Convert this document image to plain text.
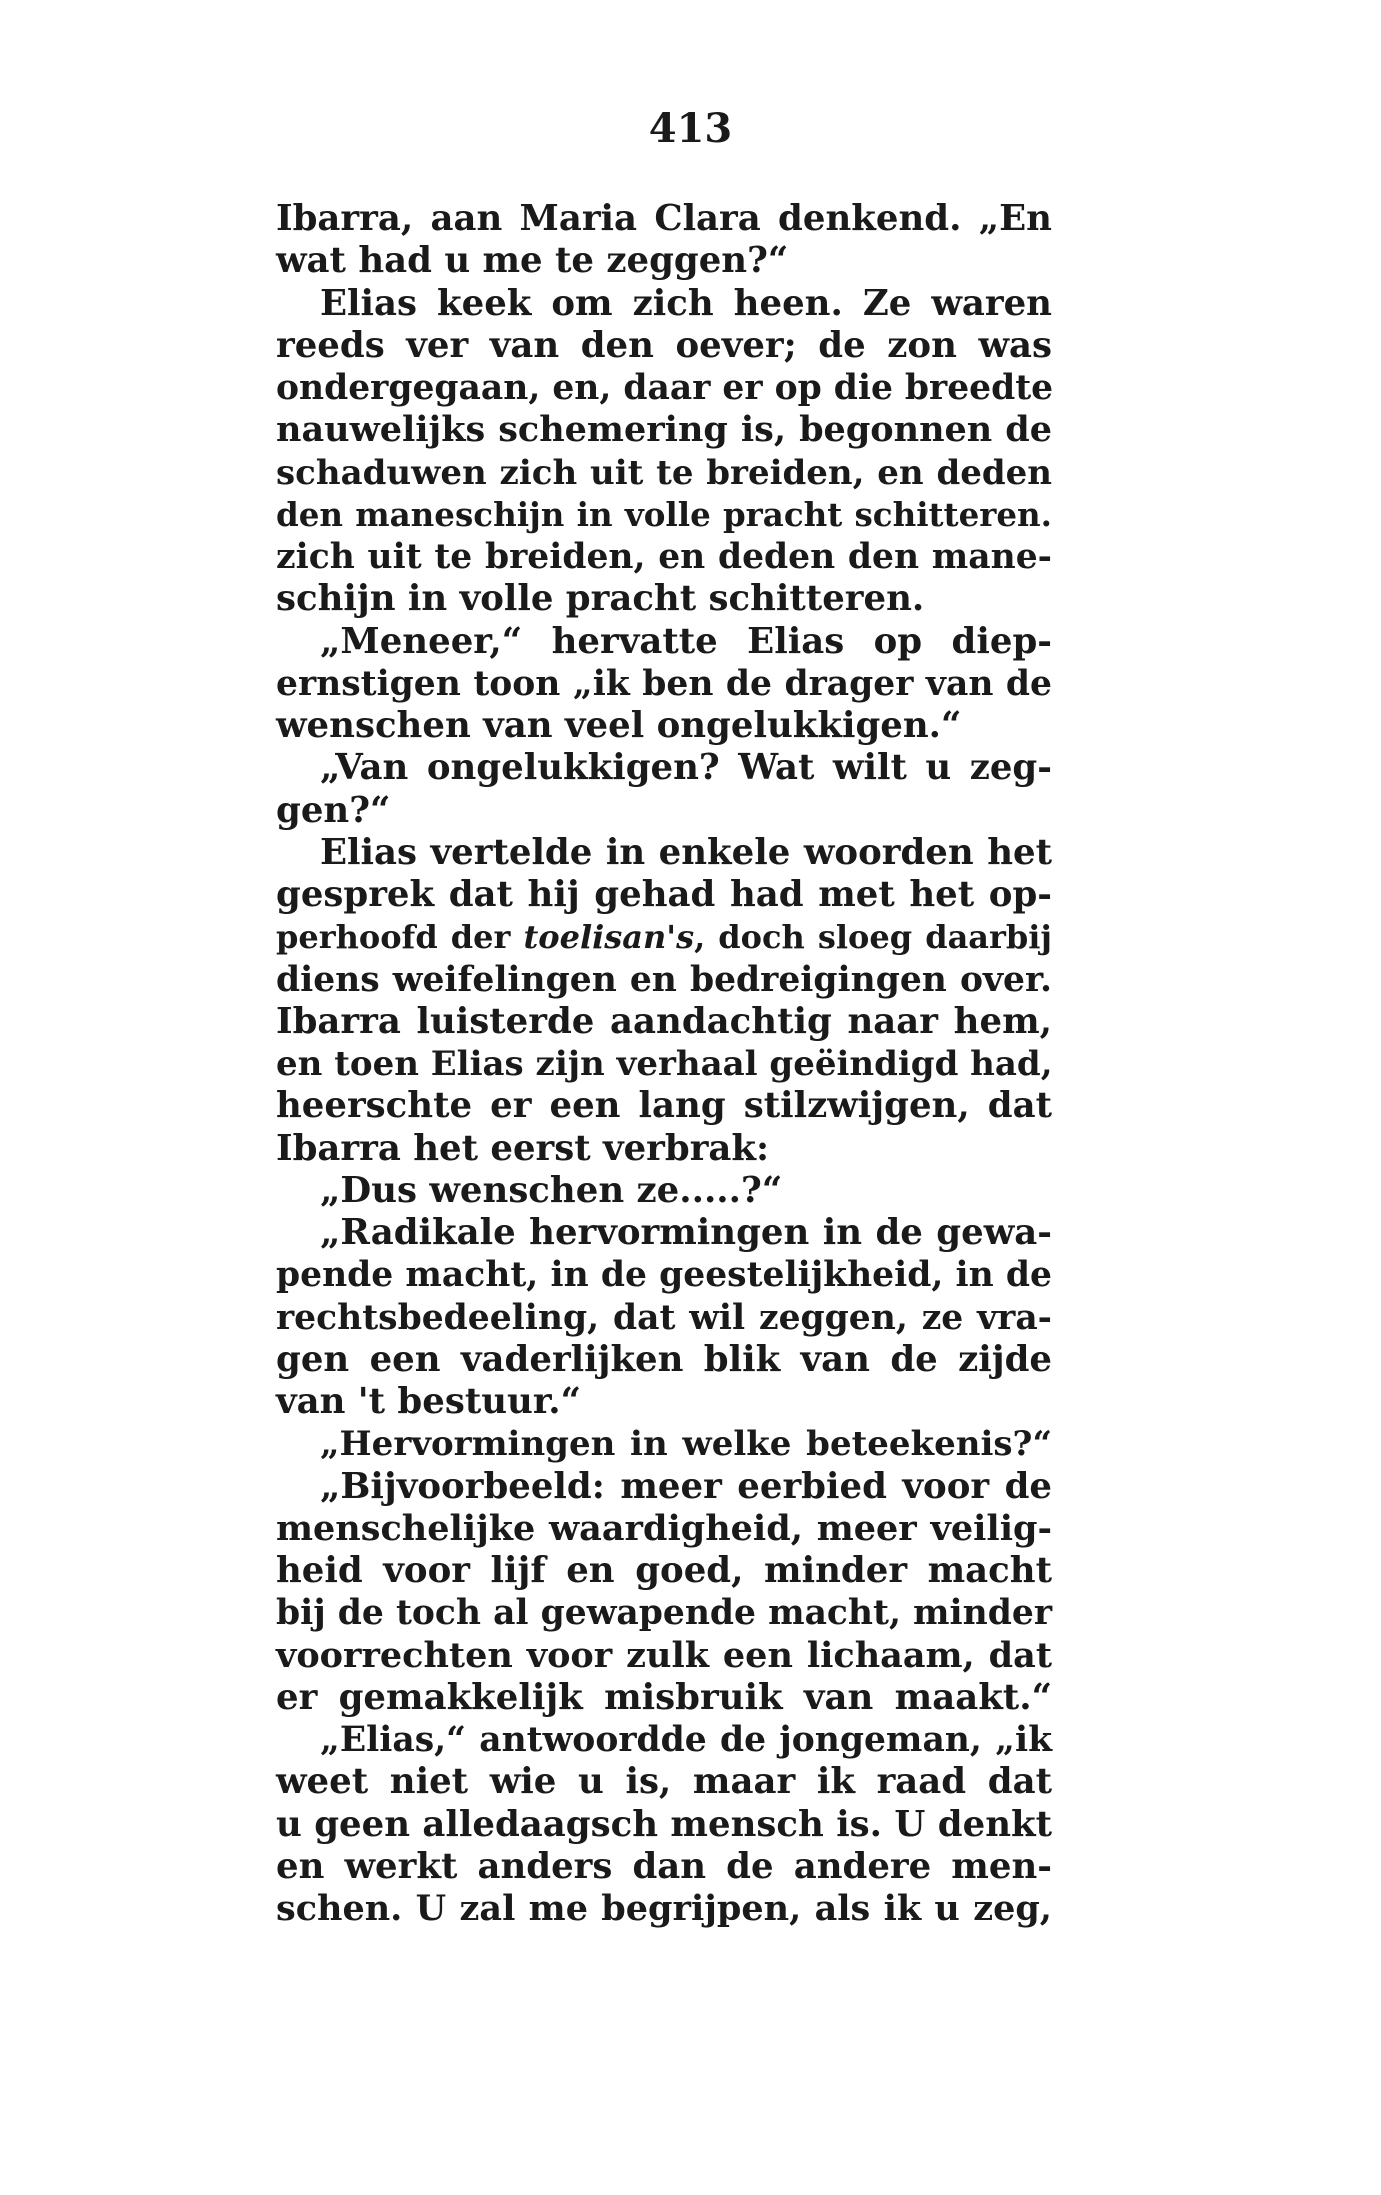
413
Ibarra, aan Maria Clara denkend. „En
wat had u me te zeggen?“
Elias keek om zich heen. Ze waren
reeds ver van den oever; de zon was
ondergegaan, en, daar er op die breedte
nauwelijks schemering is, begonnen de
schaduwen zich uit te breiden, en deden
den maneschijn in volle pracht schitteren.
zich uit te breiden, en deden den mane-
schijn in volle pracht schitteren.
„Meneer,“ hervatte Elias op diep-
ernstigen toon „ik ben de drager van de
wenschen van veel ongelukkigen.“
„Van ongelukkigen? Wat wilt u zeg-
gen?“
Elias vertelde in enkele woorden het
gesprek dat hij gehad had met het op-
perhoofd der toelisan's, doch sloeg daarbij
diens weifelingen en bedreigingen over.
Ibarra luisterde aandachtig naar hem,
en toen Elias zijn verhaal geëindigd had,
heerschte er een lang stilzwijgen, dat
Ibarra het eerst verbrak:
„Dus wenschen ze.....?“
„Radikale hervormingen in de gewa-
pende macht, in de geestelijkheid, in de
rechtsbedeeling, dat wil zeggen, ze vra-
gen een vaderlijken blik van de zijde
van 't bestuur.“
„Hervormingen in welke beteekenis?“
„Bijvoorbeeld: meer eerbied voor de
menschelijke waardigheid, meer veilig-
heid voor lijf en goed, minder macht
bij de toch al gewapende macht, minder
voorrechten voor zulk een lichaam, dat
er gemakkelijk misbruik van maakt.“
„Elias,“ antwoordde de jongeman, „ik
weet niet wie u is, maar ik raad dat
u geen alledaagsch mensch is. U denkt
en werkt anders dan de andere men-
schen. U zal me begrijpen, als ik u zeg,
